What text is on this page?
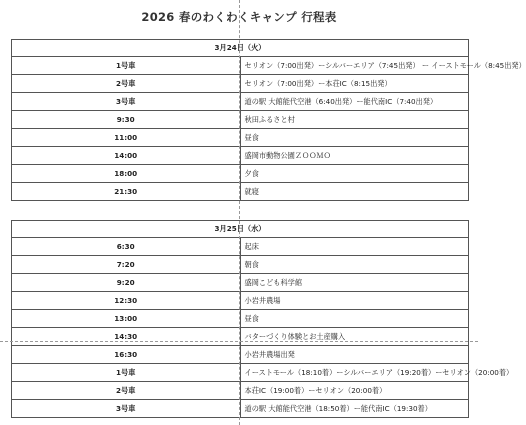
2026 春のわくわくキャンプ 行程表
3月24日（火）	
1号車	セリオン（7:00出発）ーシルバーエリア（7:45出発） ー イーストモール（8:45出発）
2号車	セリオン（7:00出発）ー本荘IC（8:15出発）
3号車	道の駅 大館能代空港（6:40出発）ー能代南IC（7:40出発）
9:30	秋田ふるさと村
11:00	昼食
14:00	盛岡市動物公園ＺＯＯＭＯ
18:00	夕食
21:30	就寝
3月25日（水）	
6:30	起床
7:20	朝食
9:20	盛岡こども科学館
12:30	小岩井農場
13:00	昼食
14:30	バターづくり体験とお土産購入
16:30	小岩井農場出発
1号車	イーストモール（18:10着）ーシルバーエリア（19:20着）ーセリオン（20:00着）
2号車	本荘IC（19:00着）ーセリオン（20:00着）
3号車	道の駅 大館能代空港（18:50着）ー能代南IC（19:30着）
